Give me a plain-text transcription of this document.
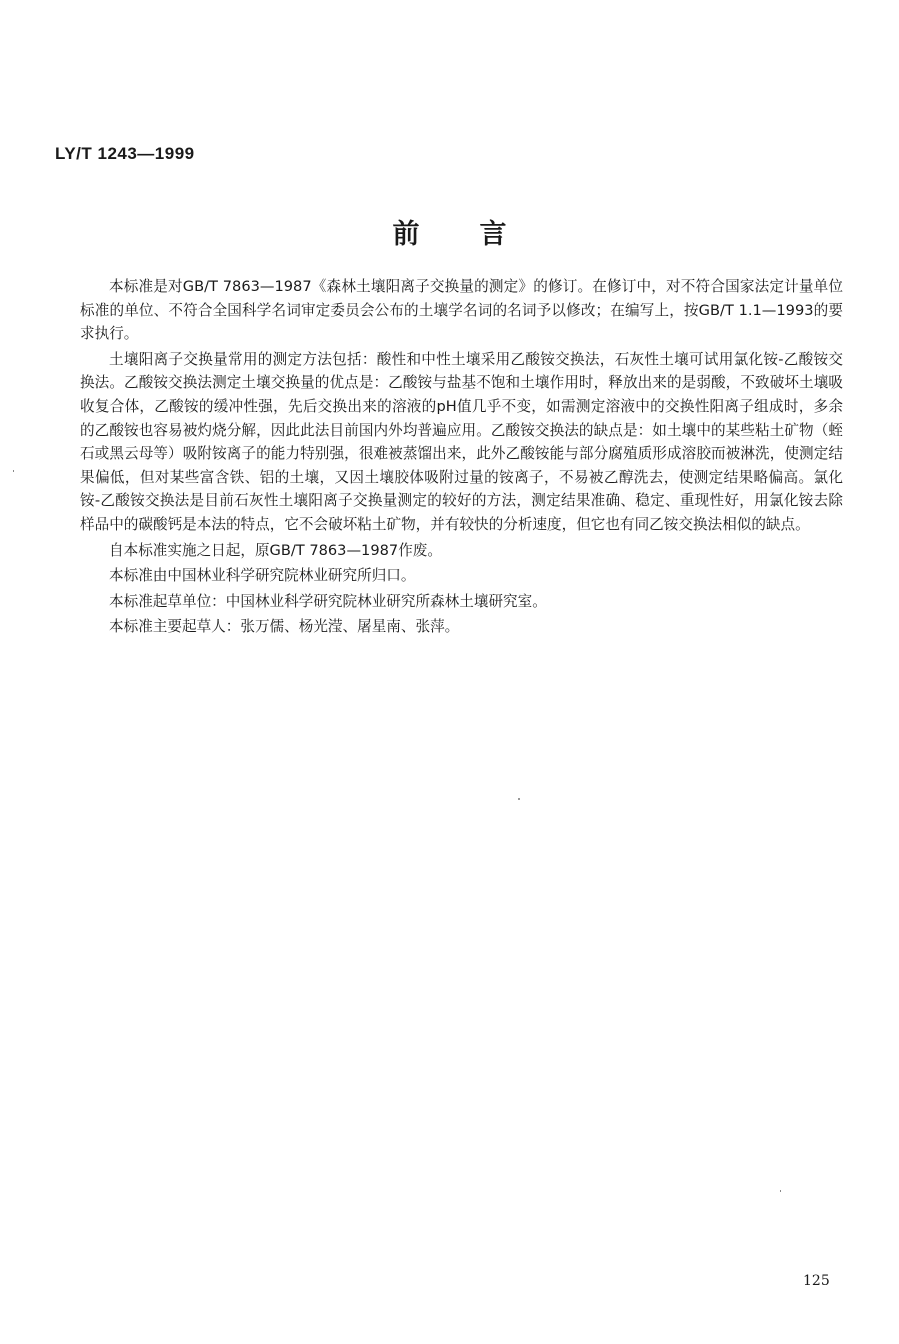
LY/T 1243—1999
前言

本标准是对GB/T 7863—1987《森林土壤阳离子交换量的测定》的修订。在修订中，对不符合国家法定计量单位标准的单位、不符合全国科学名词审定委员会公布的土壤学名词的名词予以修改；在编写上，按GB/T 1.1—1993的要求执行。

土壤阳离子交换量常用的测定方法包括：酸性和中性土壤采用乙酸铵交换法，石灰性土壤可试用氯化铵-乙酸铵交换法。乙酸铵交换法测定土壤交换量的优点是：乙酸铵与盐基不饱和土壤作用时，释放出来的是弱酸，不致破坏土壤吸收复合体，乙酸铵的缓冲性强，先后交换出来的溶液的pH值几乎不变，如需测定溶液中的交换性阳离子组成时，多余的乙酸铵也容易被灼烧分解，因此此法目前国内外均普遍应用。乙酸铵交换法的缺点是：如土壤中的某些粘土矿物（蛭石或黑云母等）吸附铵离子的能力特别强，很难被蒸馏出来，此外乙酸铵能与部分腐殖质形成溶胶而被淋洗，使测定结果偏低，但对某些富含铁、铝的土壤，又因土壤胶体吸附过量的铵离子，不易被乙醇洗去，使测定结果略偏高。氯化铵-乙酸铵交换法是目前石灰性土壤阳离子交换量测定的较好的方法，测定结果准确、稳定、重现性好，用氯化铵去除样品中的碳酸钙是本法的特点，它不会破坏粘土矿物，并有较快的分析速度，但它也有同乙铵交换法相似的缺点。

自本标准实施之日起，原GB/T 7863—1987作废。

本标准由中国林业科学研究院林业研究所归口。

本标准起草单位：中国林业科学研究院林业研究所森林土壤研究室。

本标准主要起草人：张万儒、杨光滢、屠星南、张萍。

125
